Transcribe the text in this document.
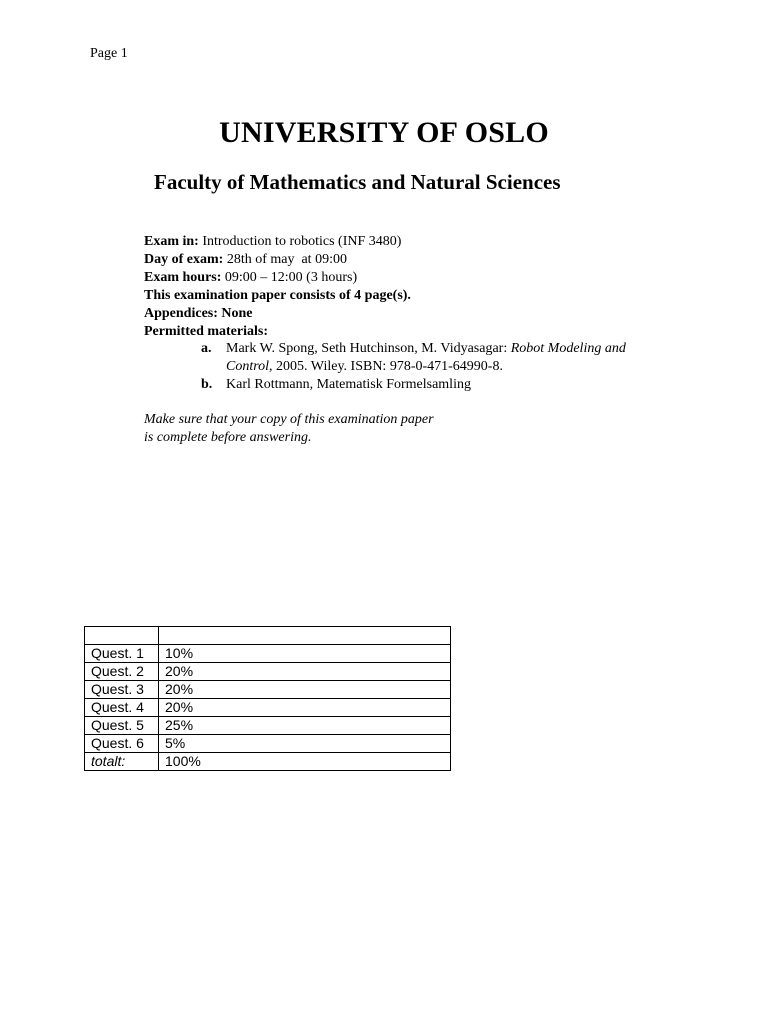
Page 1
UNIVERSITY OF OSLO
Faculty of Mathematics and Natural Sciences
Exam in: Introduction to robotics (INF 3480)
Day of exam: 28th of may  at 09:00
Exam hours: 09:00 – 12:00 (3 hours)
This examination paper consists of 4 page(s).
Appendices: None
Permitted materials:
a. Mark W. Spong, Seth Hutchinson, M. Vidyasagar: Robot Modeling and
Control, 2005. Wiley. ISBN: 978-0-471-64990-8.
b. Karl Rottmann, Matematisk Formelsamling
Make sure that your copy of this examination paper
is complete before answering.

Quest. 1	10%
Quest. 2	20%
Quest. 3	20%
Quest. 4	20%
Quest. 5	25%
Quest. 6	5%
totalt:	100%
